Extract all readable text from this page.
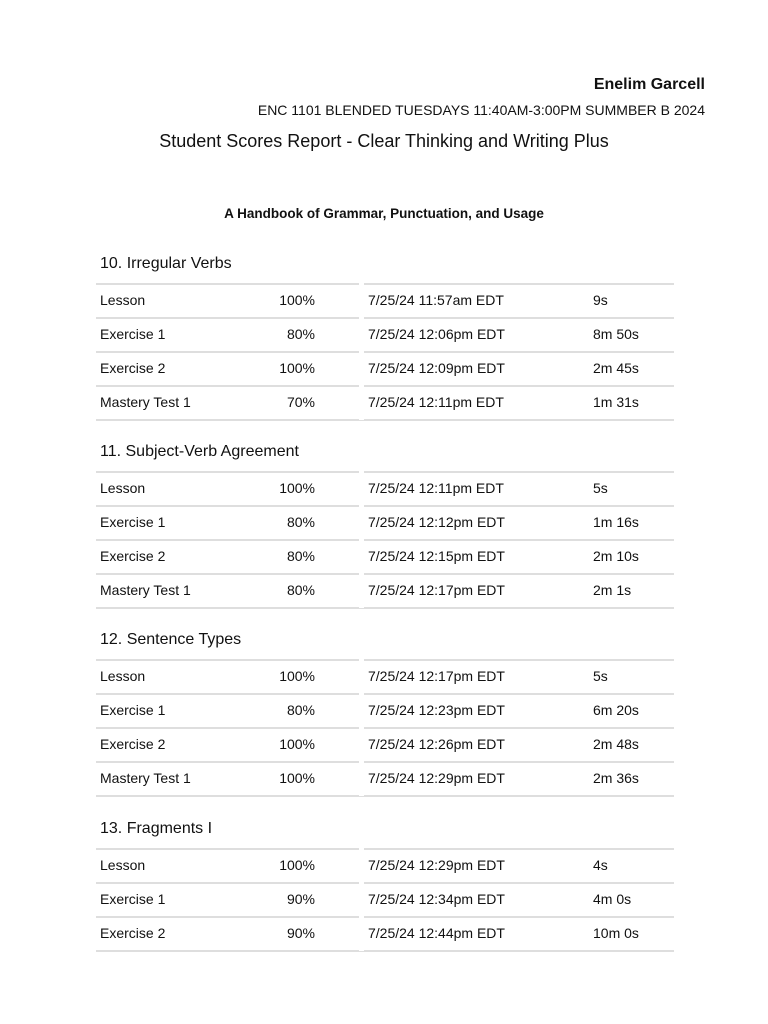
Enelim Garcell
ENC 1101 BLENDED TUESDAYS 11:40AM-3:00PM SUMMBER B 2024
Student Scores Report - Clear Thinking and Writing Plus
A Handbook of Grammar, Punctuation, and Usage
10. Irregular Verbs
Lesson	100%	7/25/24 11:57am EDT	9s
Exercise 1	80%	7/25/24 12:06pm EDT	8m 50s
Exercise 2	100%	7/25/24 12:09pm EDT	2m 45s
Mastery Test 1	70%	7/25/24 12:11pm EDT	1m 31s
11. Subject-Verb Agreement
Lesson	100%	7/25/24 12:11pm EDT	5s
Exercise 1	80%	7/25/24 12:12pm EDT	1m 16s
Exercise 2	80%	7/25/24 12:15pm EDT	2m 10s
Mastery Test 1	80%	7/25/24 12:17pm EDT	2m 1s
12. Sentence Types
Lesson	100%	7/25/24 12:17pm EDT	5s
Exercise 1	80%	7/25/24 12:23pm EDT	6m 20s
Exercise 2	100%	7/25/24 12:26pm EDT	2m 48s
Mastery Test 1	100%	7/25/24 12:29pm EDT	2m 36s
13. Fragments I
Lesson	100%	7/25/24 12:29pm EDT	4s
Exercise 1	90%	7/25/24 12:34pm EDT	4m 0s
Exercise 2	90%	7/25/24 12:44pm EDT	10m 0s
